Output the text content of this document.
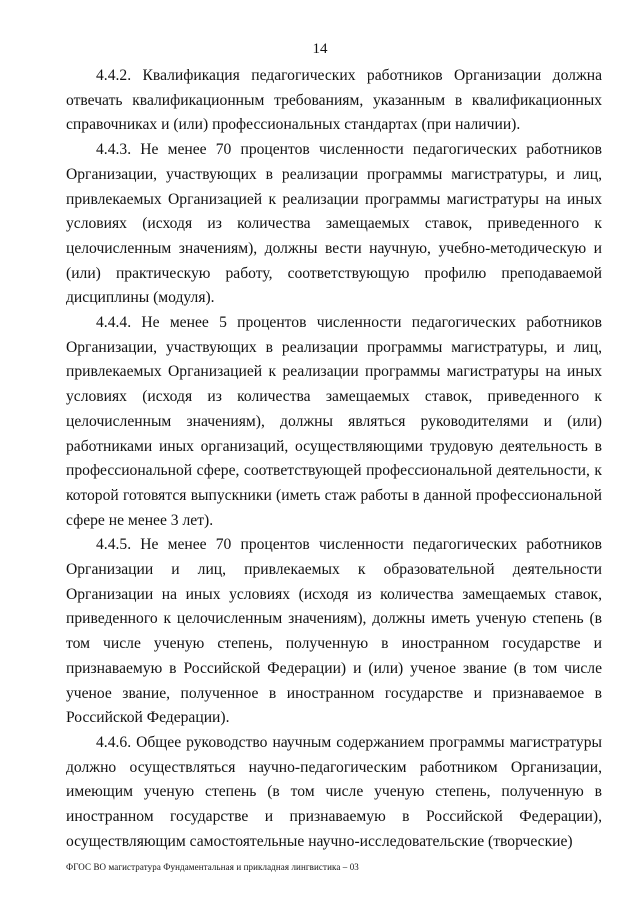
14

4.4.2. Квалификация педагогических работников Организации должна отвечать квалификационным требованиям, указанным в квалификационных справочниках и (или) профессиональных стандартах (при наличии).

4.4.3. Не менее 70 процентов численности педагогических работников Организации, участвующих в реализации программы магистратуры, и лиц, привлекаемых Организацией к реализации программы магистратуры на иных условиях (исходя из количества замещаемых ставок, приведенного к целочисленным значениям), должны вести научную, учебно-методическую и (или) практическую работу, соответствующую профилю преподаваемой дисциплины (модуля).

4.4.4. Не менее 5 процентов численности педагогических работников Организации, участвующих в реализации программы магистратуры, и лиц, привлекаемых Организацией к реализации программы магистратуры на иных условиях (исходя из количества замещаемых ставок, приведенного к целочисленным значениям), должны являться руководителями и (или) работниками иных организаций, осуществляющими трудовую деятельность в профессиональной сфере, соответствующей профессиональной деятельности, к которой готовятся выпускники (иметь стаж работы в данной профессиональной сфере не менее 3 лет).

4.4.5. Не менее 70 процентов численности педагогических работников Организации и лиц, привлекаемых к образовательной деятельности Организации на иных условиях (исходя из количества замещаемых ставок, приведенного к целочисленным значениям), должны иметь ученую степень (в том числе ученую степень, полученную в иностранном государстве и признаваемую в Российской Федерации) и (или) ученое звание (в том числе ученое звание, полученное в иностранном государстве и признаваемое в Российской Федерации).

4.4.6. Общее руководство научным содержанием программы магистратуры должно осуществляться научно-педагогическим работником Организации, имеющим ученую степень (в том числе ученую степень, полученную в иностранном государстве и признаваемую в Российской Федерации), осуществляющим самостоятельные научно-исследовательские (творческие)

ФГОС ВО магистратура Фундаментальная и прикладная лингвистика – 03
